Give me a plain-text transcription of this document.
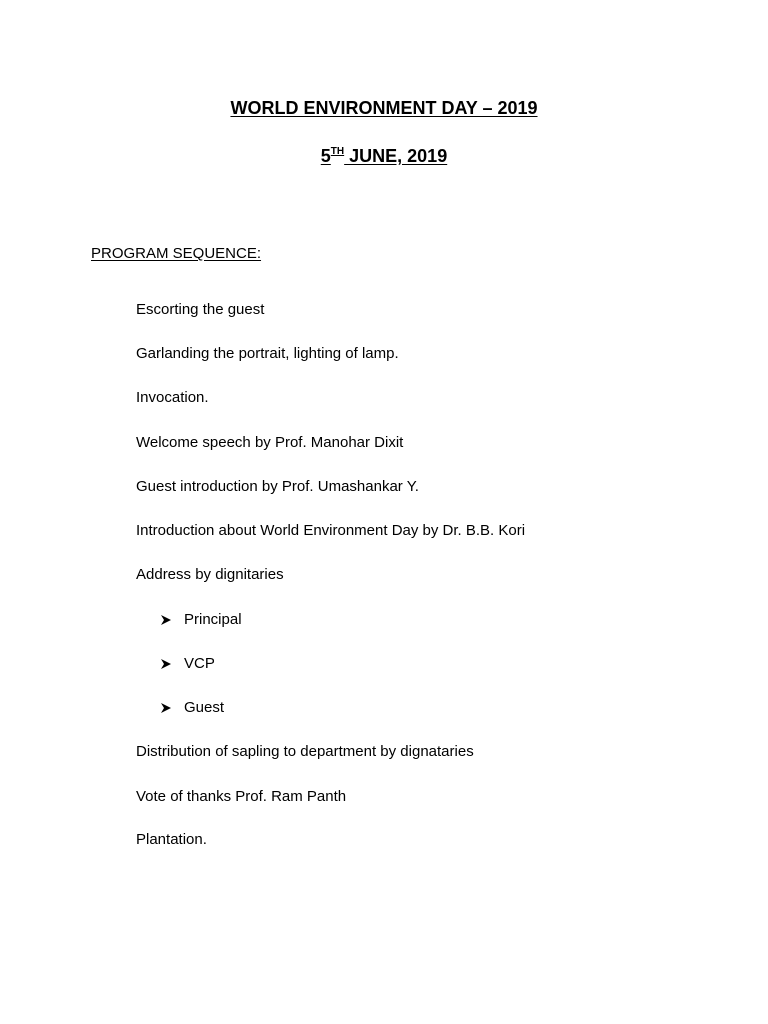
WORLD ENVIRONMENT DAY – 2019
5TH JUNE, 2019
PROGRAM SEQUENCE:
Escorting the guest
Garlanding the portrait, lighting of lamp.
Invocation.
Welcome speech by Prof. Manohar Dixit
Guest introduction by Prof. Umashankar Y.
Introduction about World Environment Day by Dr. B.B. Kori
Address by dignitaries
Principal
VCP
Guest
Distribution of sapling to department by dignataries
Vote of thanks Prof. Ram Panth
Plantation.
